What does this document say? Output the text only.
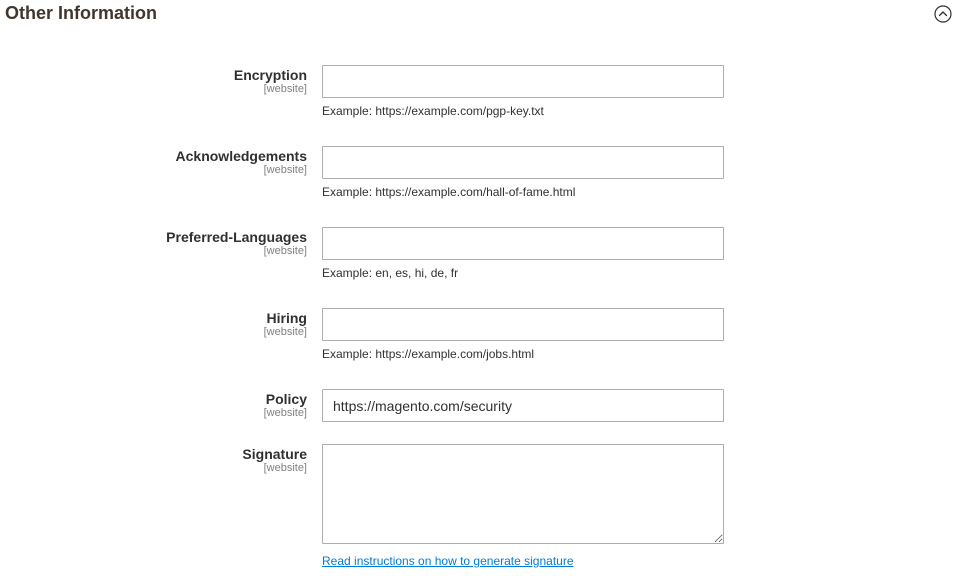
Other Information
Encryption
[website]
Example: https://example.com/pgp-key.txt
Acknowledgements
[website]
Example: https://example.com/hall-of-fame.html
Preferred-Languages
[website]
Example: en, es, hi, de, fr
Hiring
[website]
Example: https://example.com/jobs.html
Policy
[website]
https://magento.com/security
Signature
[website]
Read instructions on how to generate signature
